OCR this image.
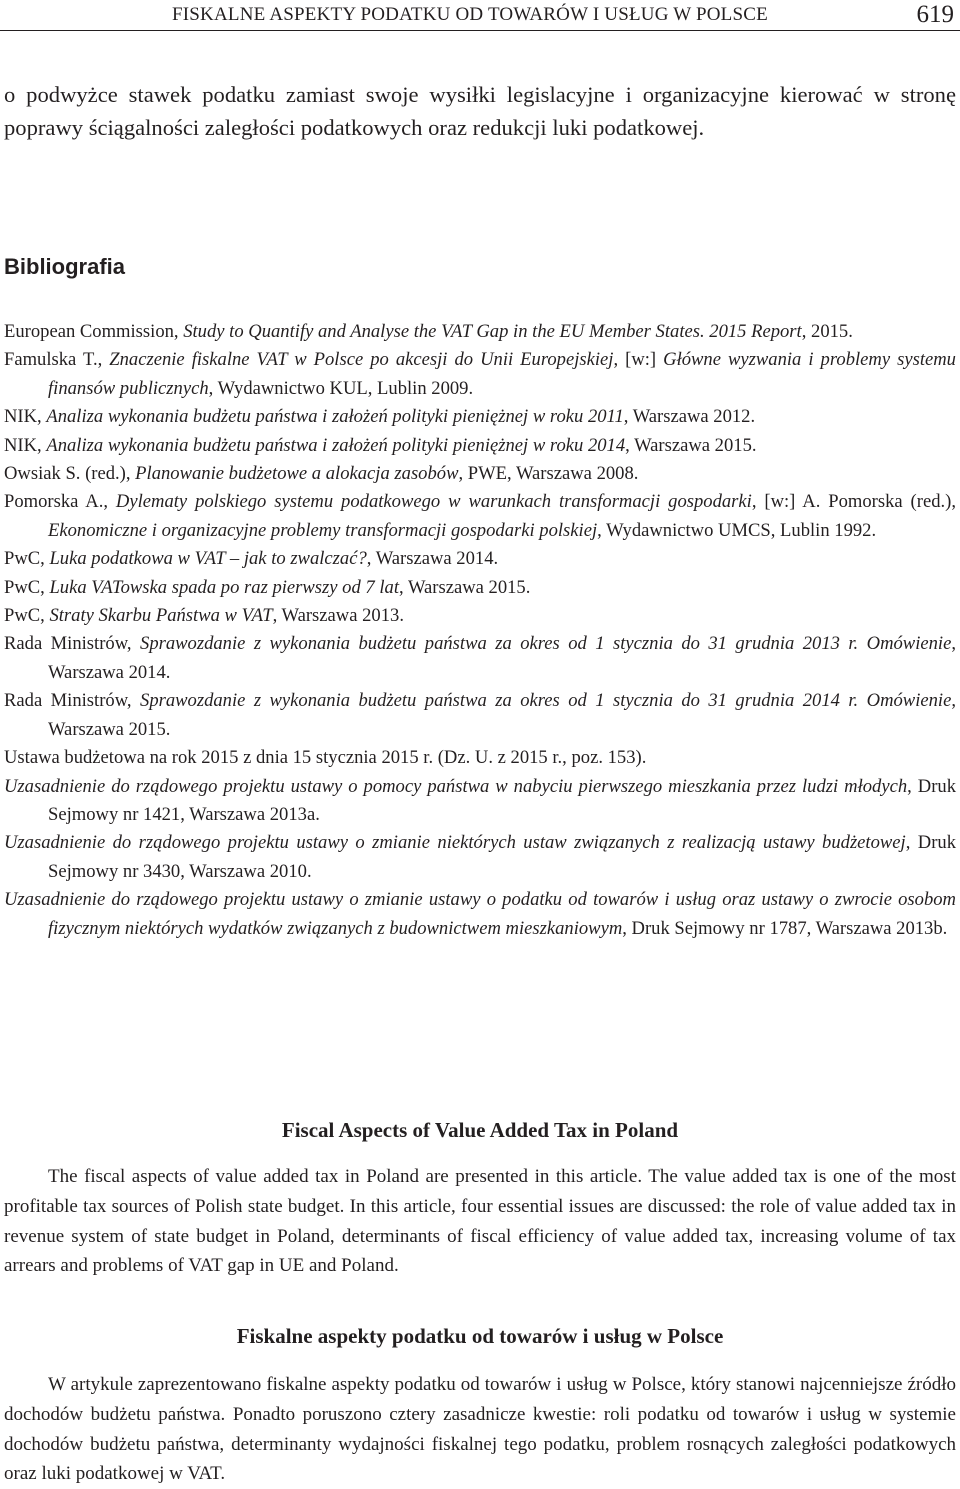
FISKALNE ASPEKTY PODATKU OD TOWARÓW I USŁUG W POLSCE	619

o podwyżce stawek podatku zamiast swoje wysiłki legislacyjne i organizacyjne kierować w stronę poprawy ściągalności zaległości podatkowych oraz redukcji luki podatkowej.

Bibliografia
European Commission, Study to Quantify and Analyse the VAT Gap in the EU Member States. 2015 Report, 2015.
Famulska T., Znaczenie fiskalne VAT w Polsce po akcesji do Unii Europejskiej, [w:] Główne wyzwania i problemy systemu finansów publicznych, Wydawnictwo KUL, Lublin 2009.
NIK, Analiza wykonania budżetu państwa i założeń polityki pieniężnej w roku 2011, Warszawa 2012.
NIK, Analiza wykonania budżetu państwa i założeń polityki pieniężnej w roku 2014, Warszawa 2015.
Owsiak S. (red.), Planowanie budżetowe a alokacja zasobów, PWE, Warszawa 2008.
Pomorska A., Dylematy polskiego systemu podatkowego w warunkach transformacji gospodarki, [w:] A. Pomorska (red.), Ekonomiczne i organizacyjne problemy transformacji gospodarki polskiej, Wydawnictwo UMCS, Lublin 1992.
PwC, Luka podatkowa w VAT – jak to zwalczać?, Warszawa 2014.
PwC, Luka VATowska spada po raz pierwszy od 7 lat, Warszawa 2015.
PwC, Straty Skarbu Państwa w VAT, Warszawa 2013.
Rada Ministrów, Sprawozdanie z wykonania budżetu państwa za okres od 1 stycznia do 31 grudnia 2013 r. Omówienie, Warszawa 2014.
Rada Ministrów, Sprawozdanie z wykonania budżetu państwa za okres od 1 stycznia do 31 grudnia 2014 r. Omówienie, Warszawa 2015.
Ustawa budżetowa na rok 2015 z dnia 15 stycznia 2015 r. (Dz. U. z 2015 r., poz. 153).
Uzasadnienie do rządowego projektu ustawy o pomocy państwa w nabyciu pierwszego mieszkania przez ludzi młodych, Druk Sejmowy nr 1421, Warszawa 2013a.
Uzasadnienie do rządowego projektu ustawy o zmianie niektórych ustaw związanych z realizacją ustawy budżetowej, Druk Sejmowy nr 3430, Warszawa 2010.
Uzasadnienie do rządowego projektu ustawy o zmianie ustawy o podatku od towarów i usług oraz ustawy o zwrocie osobom fizycznym niektórych wydatków związanych z budownictwem mieszkaniowym, Druk Sejmowy nr 1787, Warszawa 2013b.
Fiscal Aspects of Value Added Tax in Poland

The fiscal aspects of value added tax in Poland are presented in this article. The value added tax is one of the most profitable tax sources of Polish state budget. In this article, four essential issues are discussed: the role of value added tax in revenue system of state budget in Poland, determinants of fiscal efficiency of value added tax, increasing volume of tax arrears and problems of VAT gap in UE and Poland.

Fiskalne aspekty podatku od towarów i usług w Polsce

W artykule zaprezentowano fiskalne aspekty podatku od towarów i usług w Polsce, który stanowi najcenniejsze źródło dochodów budżetu państwa. Ponadto poruszono cztery zasadnicze kwestie: roli podatku od towarów i usług w systemie dochodów budżetu państwa, determinanty wydajności fiskalnej tego podatku, problem rosnących zaległości podatkowych oraz luki podatkowej w VAT.
